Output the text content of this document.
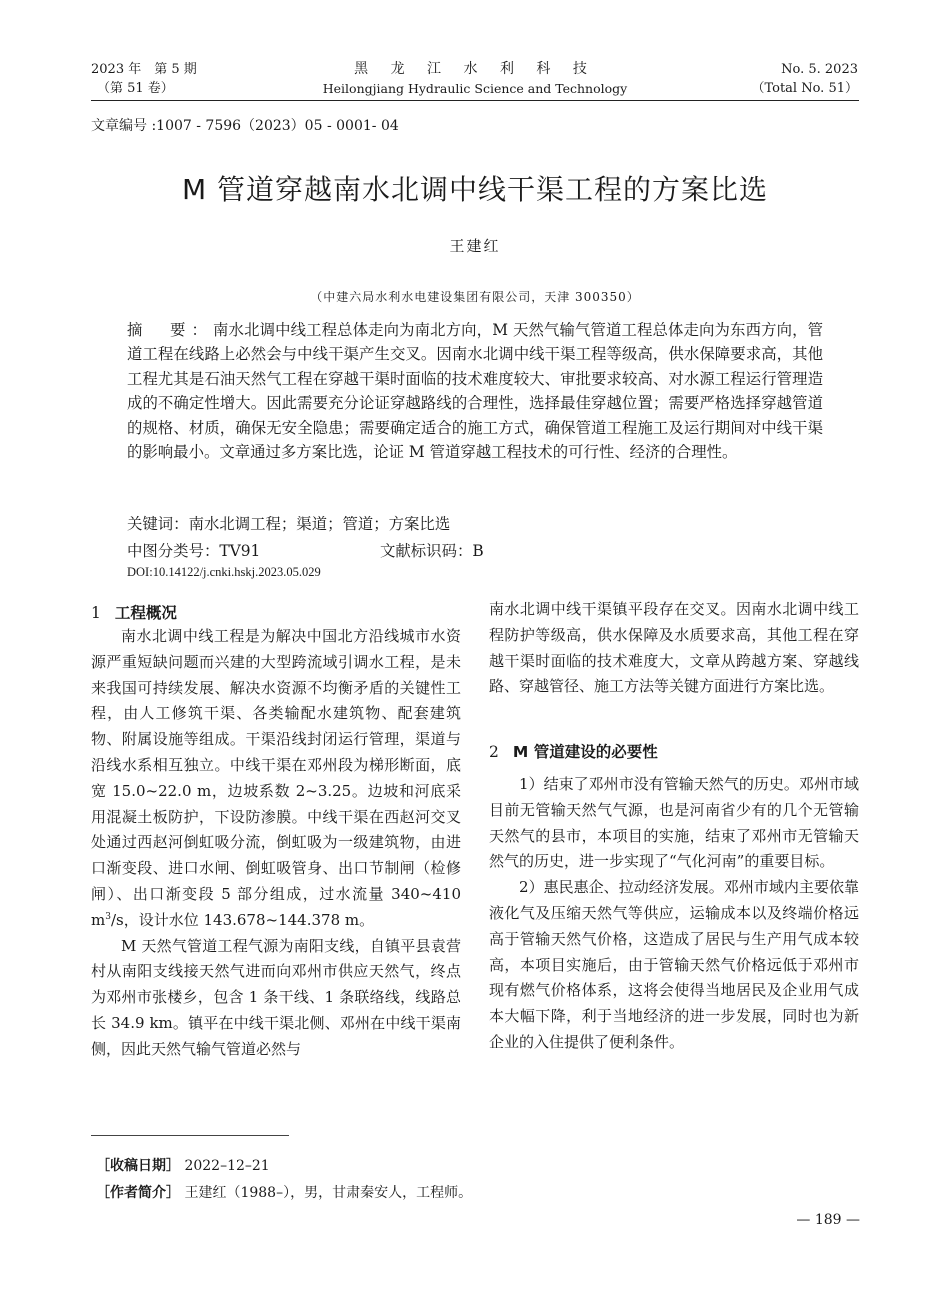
2023 年　第 5 期
（第 51 卷）
黑 龙 江 水 利 科 技
Heilongjiang Hydraulic Science and Technology
No. 5. 2023
（Total No. 51）
文章编号 :1007 - 7596（2023）05 - 0001- 04
M 管道穿越南水北调中线干渠工程的方案比选
王建红
（中建六局水利水电建设集团有限公司，天津 300350）

摘　要：南水北调中线工程总体走向为南北方向，M 天然气输气管道工程总体走向为东西方向，管道工程在线路上必然会与中线干渠产生交叉。因南水北调中线干渠工程等级高，供水保障要求高，其他工程尤其是石油天然气工程在穿越干渠时面临的技术难度较大、审批要求较高、对水源工程运行管理造成的不确定性增大。因此需要充分论证穿越路线的合理性，选择最佳穿越位置；需要严格选择穿越管道的规格、材质，确保无安全隐患；需要确定适合的施工方式，确保管道工程施工及运行期间对中线干渠的影响最小。文章通过多方案比选，论证 M 管道穿越工程技术的可行性、经济的合理性。

关键词：南水北调工程；渠道；管道；方案比选
中图分类号：TV91	文献标识码：B
DOI:10.14122/j.cnki.hskj.2023.05.029
1 工程概况

南水北调中线工程是为解决中国北方沿线城市水资源严重短缺问题而兴建的大型跨流域引调水工程，是未来我国可持续发展、解决水资源不均衡矛盾的关键性工程，由人工修筑干渠、各类输配水建筑物、配套建筑物、附属设施等组成。干渠沿线封闭运行管理，渠道与沿线水系相互独立。中线干渠在邓州段为梯形断面，底宽 15.0~22.0 m，边坡系数 2~3.25。边坡和河底采用混凝土板防护，下设防渗膜。中线干渠在西赵河交叉处通过西赵河倒虹吸分流，倒虹吸为一级建筑物，由进口渐变段、进口水闸、倒虹吸管身、出口节制闸（检修闸）、出口渐变段 5 部分组成，过水流量 340~410 $m^3/s$，设计水位 143.678~144.378 m。

M 天然气管道工程气源为南阳支线，自镇平县袁营村从南阳支线接天然气进而向邓州市供应天然气，终点为邓州市张楼乡，包含 1 条干线、1 条联络线，线路总长 34.9 km。镇平在中线干渠北侧、邓州在中线干渠南侧，因此天然气输气管道必然与

南水北调中线干渠镇平段存在交叉。因南水北调中线工程防护等级高，供水保障及水质要求高，其他工程在穿越干渠时面临的技术难度大，文章从跨越方案、穿越线路、穿越管径、施工方法等关键方面进行方案比选。

2 M 管道建设的必要性

1）结束了邓州市没有管输天然气的历史。邓州市域目前无管输天然气气源，也是河南省少有的几个无管输天然气的县市，本项目的实施，结束了邓州市无管输天然气的历史，进一步实现了“气化河南”的重要目标。

2）惠民惠企、拉动经济发展。邓州市域内主要依靠液化气及压缩天然气等供应，运输成本以及终端价格远高于管输天然气价格，这造成了居民与生产用气成本较高，本项目实施后，由于管输天然气价格远低于邓州市现有燃气价格体系，这将会使得当地居民及企业用气成本大幅下降，利于当地经济的进一步发展，同时也为新企业的入住提供了便利条件。

［收稿日期］ 2022–12–21
［作者简介］ 王建红（1988–），男，甘肃秦安人，工程师。
— 189 —
